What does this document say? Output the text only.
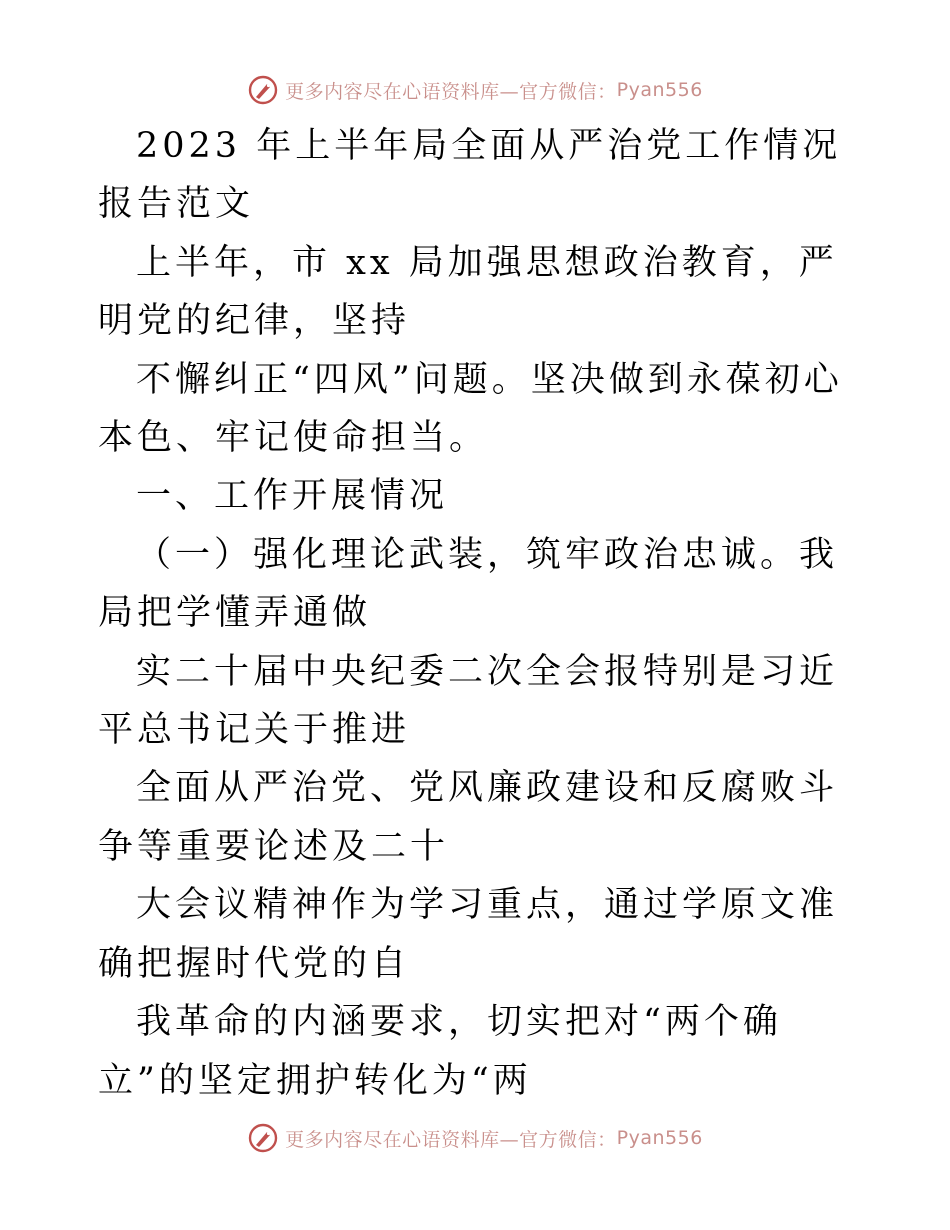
更多内容尽在心语资料库—官方微信： Pyan556

2023 年上半年局全面从严治党工作情况报告范文

上半年，市 xx 局加强思想政治教育，严明党的纪律，坚持

不懈纠正“四风”问题。坚决做到永葆初心本色、牢记使命担当。

一、工作开展情况

（一）强化理论武装，筑牢政治忠诚。我局把学懂弄通做

实二十届中央纪委二次全会报特别是习近平总书记关于推进

全面从严治党、党风廉政建设和反腐败斗争等重要论述及二十

大会议精神作为学习重点，通过学原文准确把握时代党的自

我革命的内涵要求，切实把对“两个确立”的坚定拥护转化为“两

更多内容尽在心语资料库—官方微信： Pyan556
